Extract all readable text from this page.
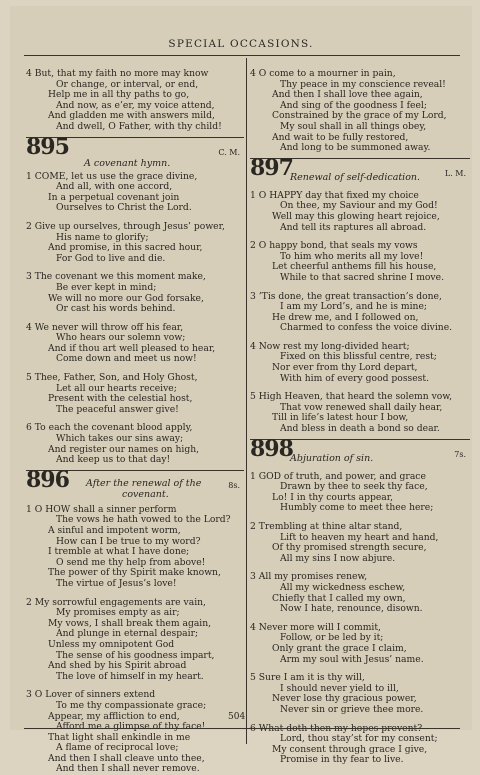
SPECIAL OCCASIONS.
4 But, that my faith no more may know
Or change, or interval, or end,
Help me in all thy paths to go,
And now, as e’er, my voice attend,
And gladden me with answers mild,
And dwell, O Father, with thy child!
895	C. M.
A covenant hymn.
1 COME, let us use the grace divine,
And all, with one accord,
In a perpetual covenant join
Ourselves to Christ the Lord.
2 Give up ourselves, through Jesus’ power,
His name to glorify;
And promise, in this sacred hour,
For God to live and die.
3 The covenant we this moment make,
Be ever kept in mind;
We will no more our God forsake,
Or cast his words behind.
4 We never will throw off his fear,
Who hears our solemn vow;
And if thou art well pleased to hear,
Come down and meet us now!
5 Thee, Father, Son, and Holy Ghost,
Let all our hearts receive;
Present with the celestial host,
The peaceful answer give!
6 To each the covenant blood apply,
Which takes our sins away;
And register our names on high,
And keep us to that day!
covenant.
896	8s.
After the renewal of the
1 O HOW shall a sinner perform
The vows he hath vowed to the Lord?
A sinful and impotent worm,
How can I be true to my word?
I tremble at what I have done;
O send me thy help from above!
The power of thy Spirit make known,
The virtue of Jesus’s love!
2 My sorrowful engagements are vain,
My promises empty as air;
My vows, I shall break them again,
And plunge in eternal despair;
Unless my omnipotent God
The sense of his goodness impart,
And shed by his Spirit abroad
The love of himself in my heart.
3 O Lover of sinners extend
To me thy compassionate grace;
Appear, my affliction to end,
Afford me a glimpse of thy face!
That light shall enkindle in me
A flame of reciprocal love;
And then I shall cleave unto thee,
And then I shall never remove.
4 O come to a mourner in pain,
Thy peace in my conscience reveal!
And then I shall love thee again,
And sing of the goodness I feel;
Constrained by the grace of my Lord,
My soul shall in all things obey,
And wait to be fully restored,
And long to be summoned away.
897	L. M.
Renewal of self-dedication.
1 O HAPPY day that fixed my choice
On thee, my Saviour and my God!
Well may this glowing heart rejoice,
And tell its raptures all abroad.
2 O happy bond, that seals my vows
To him who merits all my love!
Let cheerful anthems fill his house,
While to that sacred shrine I move.
3 ’Tis done, the great transaction’s done,
I am my Lord’s, and he is mine;
He drew me, and I followed on,
Charmed to confess the voice divine.
4 Now rest my long-divided heart;
Fixed on this blissful centre, rest;
Nor ever from thy Lord depart,
With him of every good possest.
5 High Heaven, that heard the solemn vow,
That vow renewed shall daily hear,
Till in life’s latest hour I bow,
And bless in death a bond so dear.
898	7s.
Abjuration of sin.
1 GOD of truth, and power, and grace
Drawn by thee to seek thy face,
Lo! I in thy courts appear,
Humbly come to meet thee here;
2 Trembling at thine altar stand,
Lift to heaven my heart and hand,
Of thy promised strength secure,
All my sins I now abjure.
3 All my promises renew,
All my wickedness eschew,
Chiefly that I called my own,
Now I hate, renounce, disown.
4 Never more will I commit,
Follow, or be led by it;
Only grant the grace I claim,
Arm my soul with Jesus’ name.
5 Sure I am it is thy will,
I should never yield to ill,
Never lose thy gracious power,
Never sin or grieve thee more.
6 What doth then my hopes prevent?
Lord, thou stay’st for my consent;
My consent through grace I give,
Promise in thy fear to live.
504
